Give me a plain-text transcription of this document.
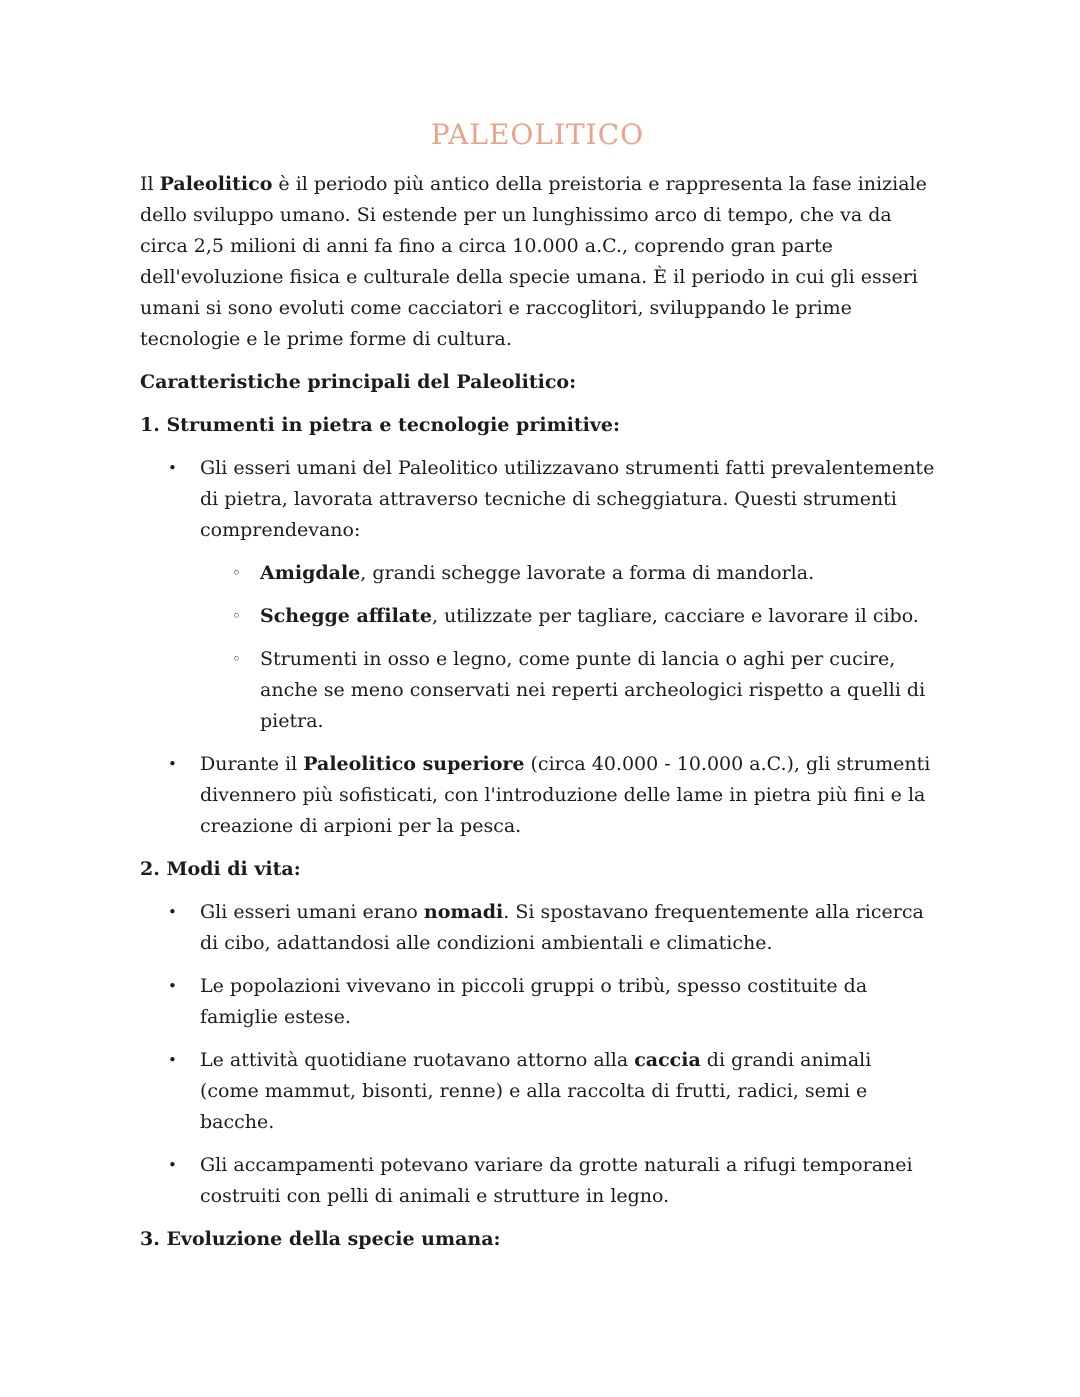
PALEOLITICO

Il Paleolitico è il periodo più antico della preistoria e rappresenta la fase iniziale dello sviluppo umano. Si estende per un lunghissimo arco di tempo, che va da circa 2,5 milioni di anni fa fino a circa 10.000 a.C., coprendo gran parte dell'evoluzione fisica e culturale della specie umana. È il periodo in cui gli esseri umani si sono evoluti come cacciatori e raccoglitori, sviluppando le prime tecnologie e le prime forme di cultura.

Caratteristiche principali del Paleolitico:
1. Strumenti in pietra e tecnologie primitive:
•	Gli esseri umani del Paleolitico utilizzavano strumenti fatti prevalentemente di pietra, lavorata attraverso tecniche di scheggiatura. Questi strumenti comprendevano:
◦	Amigdale, grandi schegge lavorate a forma di mandorla.
◦	Schegge affilate, utilizzate per tagliare, cacciare e lavorare il cibo.
◦	Strumenti in osso e legno, come punte di lancia o aghi per cucire, anche se meno conservati nei reperti archeologici rispetto a quelli di pietra.
•	Durante il Paleolitico superiore (circa 40.000 - 10.000 a.C.), gli strumenti divennero più sofisticati, con l'introduzione delle lame in pietra più fini e la creazione di arpioni per la pesca.
2. Modi di vita:
•	Gli esseri umani erano nomadi. Si spostavano frequentemente alla ricerca di cibo, adattandosi alle condizioni ambientali e climatiche.
•	Le popolazioni vivevano in piccoli gruppi o tribù, spesso costituite da famiglie estese.
•	Le attività quotidiane ruotavano attorno alla caccia di grandi animali (come mammut, bisonti, renne) e alla raccolta di frutti, radici, semi e bacche.
•	Gli accampamenti potevano variare da grotte naturali a rifugi temporanei costruiti con pelli di animali e strutture in legno.
3. Evoluzione della specie umana:
